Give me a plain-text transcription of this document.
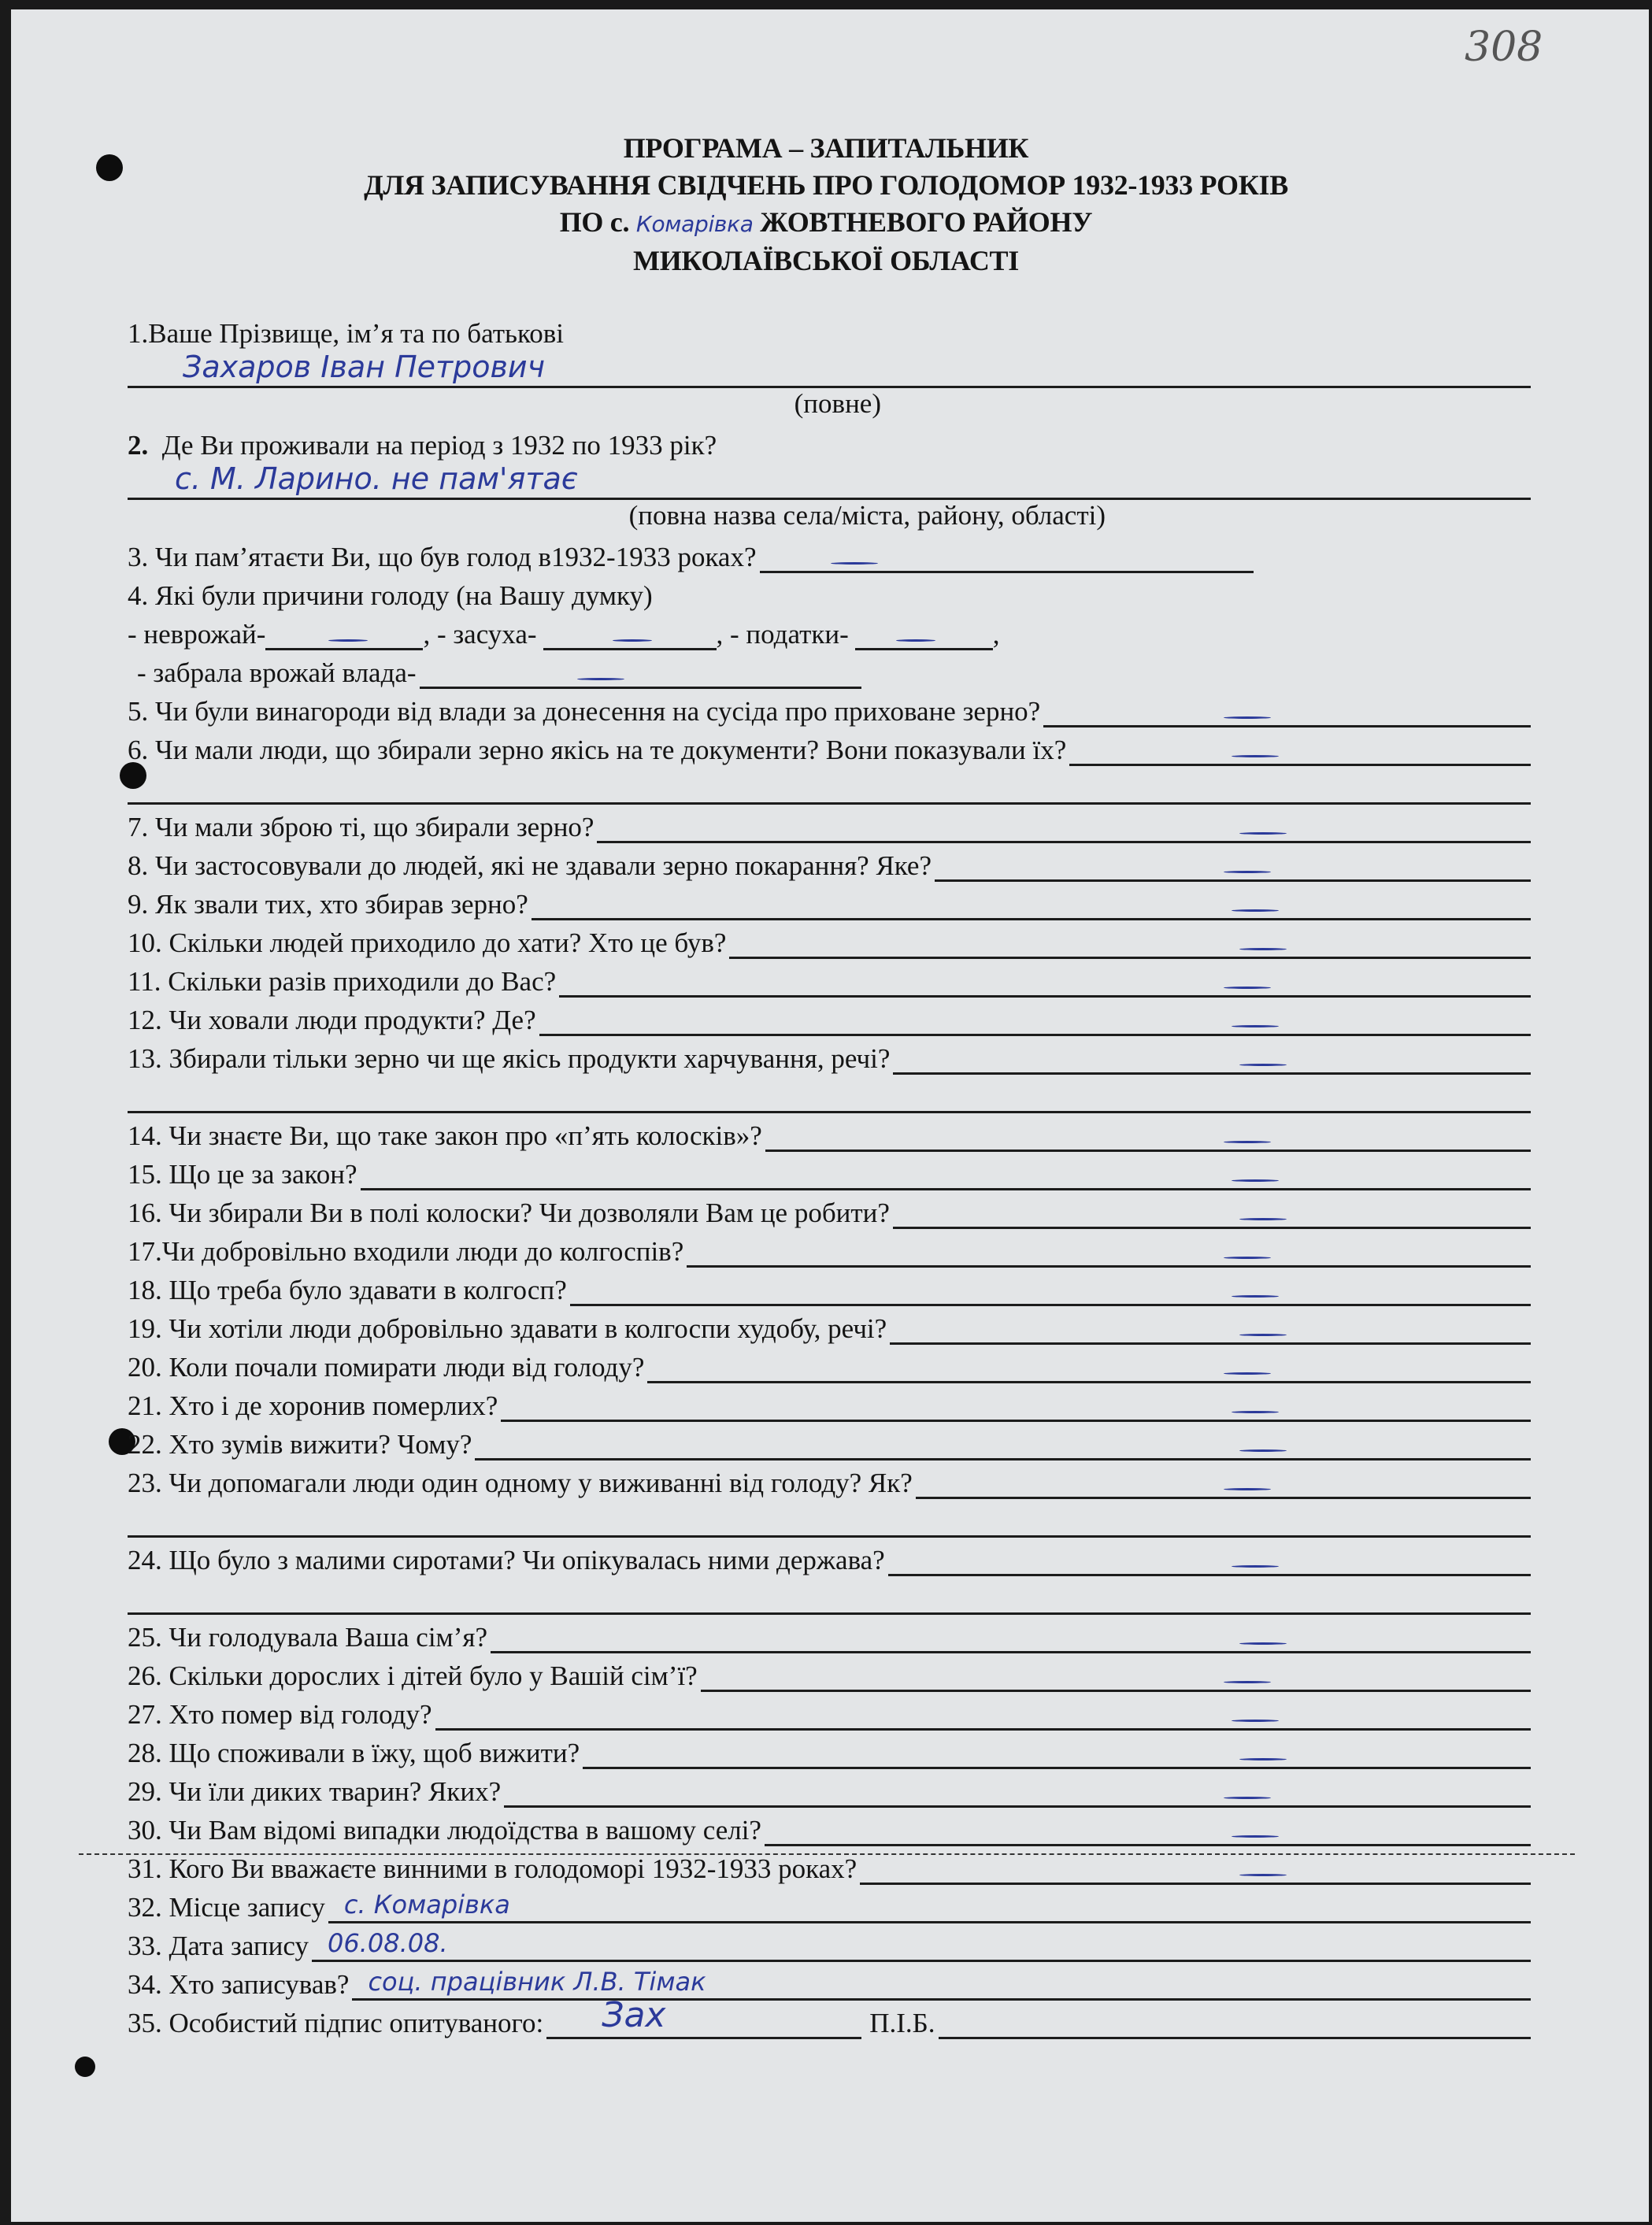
308
ПРОГРАМА – ЗАПИТАЛЬНИК
ДЛЯ ЗАПИСУВАННЯ СВІДЧЕНЬ ПРО ГОЛОДОМОР 1932-1933 РОКІВ
ПО с. Комарівка ЖОВТНЕВОГО РАЙОНУ
МИКОЛАЇВСЬКОЇ ОБЛАСТІ
1.Ваше Прізвище, ім’я та по батькові
Захаров Іван Петрович
(повне)
2.
Де Ви проживали на період з 1932 по 1933 рік?
с. М. Ларино. не пам'ятає
(повна назва села/міста, району, області)
3. Чи пам’ятаєти Ви, що був голод в1932-1933 роках?
4. Які були причини голоду (на Вашу думку)
- неврожай-	, - засуха-	, - податки-	,
- забрала врожай влада-
5. Чи були винагороди від влади за донесення на сусіда про приховане зерно?
6. Чи мали люди, що збирали зерно якісь на те документи? Вони показували їх?
7. Чи мали зброю ті, що збирали зерно?
8. Чи застосовували до людей, які не здавали зерно покарання? Яке?
9. Як звали тих, хто збирав зерно?
10. Скільки людей приходило до хати? Хто це був?
11. Скільки разів приходили до Вас?
12. Чи ховали люди продукти? Де?
13. Збирали тільки зерно чи ще якісь продукти харчування, речі?
14. Чи знаєте Ви, що таке закон про «п’ять колосків»?
15. Що це за закон?
16. Чи збирали Ви в полі колоски? Чи дозволяли Вам це робити?
17.Чи добровільно входили люди до колгоспів?
18. Що треба було здавати в колгосп?
19. Чи хотіли люди добровільно здавати в колгоспи худобу, речі?
20. Коли почали помирати люди від голоду?
21. Хто і де хоронив померлих?
22. Хто зумів вижити? Чому?
23. Чи допомагали люди один одному у виживанні від голоду? Як?
24. Що було з малими сиротами? Чи опікувалась ними держава?
25. Чи голодувала Ваша сім’я?
26. Скільки дорослих і дітей було у Вашій сім’ї?
27. Хто помер від голоду?
28. Що споживали в їжу, щоб вижити?
29. Чи їли диких тварин? Яких?
30. Чи Вам відомі випадки людоїдства в вашому селі?
31. Кого Ви вважаєте винними в голодоморі 1932-1933 роках?
32. Місце запису с. Комарівка
33. Дата запису 06.08.08.
34. Хто записував? соц. працівник Л.В. Тімак
35. Особистий підпис опитуваного: Зах	П.І.Б.
